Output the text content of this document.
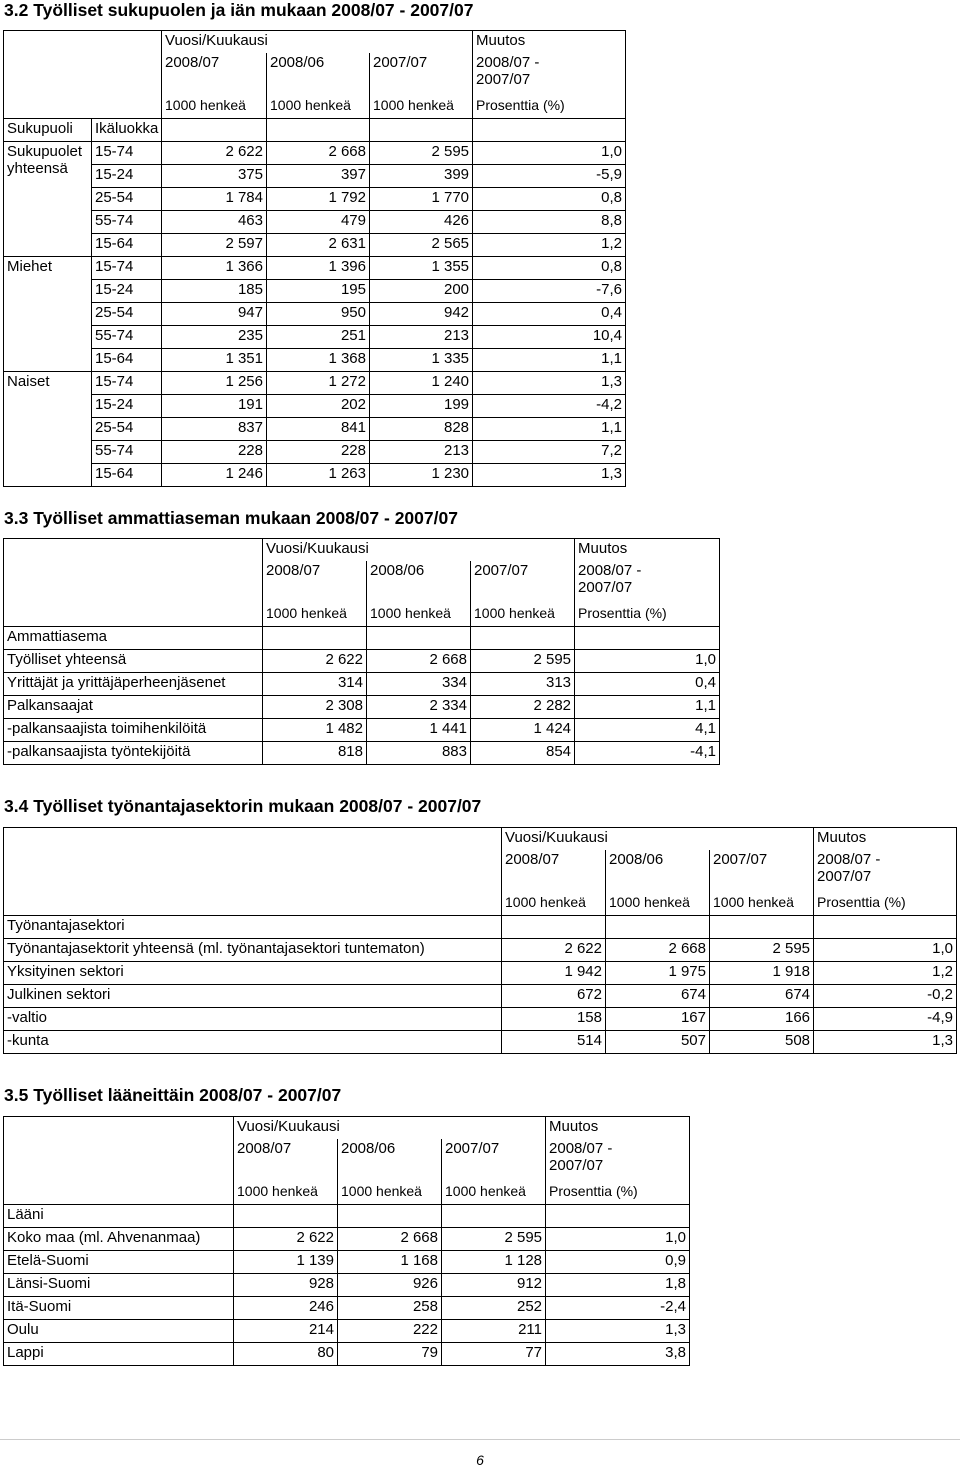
3.2 Työlliset sukupuolen ja iän mukaan 2008/07 - 2007/07
		Vuosi/Kuukausi			Muutos
		2008/07	2008/06	2007/07	2008/07 -
2007/07
		1000 henkeä	1000 henkeä	1000 henkeä	Prosenttia (%)
Sukupuoli	Ikäluokka				
Sukupuolet
yhteensä	15-74	2 622	2 668	2 595	1,0
	15-24	375	397	399	-5,9
	25-54	1 784	1 792	1 770	0,8
	55-74	463	479	426	8,8
	15-64	2 597	2 631	2 565	1,2
Miehet	15-74	1 366	1 396	1 355	0,8
	15-24	185	195	200	-7,6
	25-54	947	950	942	0,4
	55-74	235	251	213	10,4
	15-64	1 351	1 368	1 335	1,1
Naiset	15-74	1 256	1 272	1 240	1,3
	15-24	191	202	199	-4,2
	25-54	837	841	828	1,1
	55-74	228	228	213	7,2
	15-64	1 246	1 263	1 230	1,3
3.3 Työlliset ammattiaseman mukaan 2008/07 - 2007/07
	Vuosi/Kuukausi			Muutos
	2008/07	2008/06	2007/07	2008/07 -
2007/07
	1000 henkeä	1000 henkeä	1000 henkeä	Prosenttia (%)
Ammattiasema				
Työlliset yhteensä	2 622	2 668	2 595	1,0
Yrittäjät ja yrittäjäperheenjäsenet	314	334	313	0,4
Palkansaajat	2 308	2 334	2 282	1,1
-palkansaajista toimihenkilöitä	1 482	1 441	1 424	4,1
-palkansaajista työntekijöitä	818	883	854	-4,1
3.4 Työlliset työnantajasektorin mukaan 2008/07 - 2007/07
	Vuosi/Kuukausi			Muutos
	2008/07	2008/06	2007/07	2008/07 -
2007/07
	1000 henkeä	1000 henkeä	1000 henkeä	Prosenttia (%)
Työnantajasektori				
Työnantajasektorit yhteensä (ml. työnantajasektori tuntematon)	2 622	2 668	2 595	1,0
Yksityinen sektori	1 942	1 975	1 918	1,2
Julkinen sektori	672	674	674	-0,2
-valtio	158	167	166	-4,9
-kunta	514	507	508	1,3
3.5 Työlliset lääneittäin 2008/07 - 2007/07
	Vuosi/Kuukausi			Muutos
	2008/07	2008/06	2007/07	2008/07 -
2007/07
	1000 henkeä	1000 henkeä	1000 henkeä	Prosenttia (%)
Lääni				
Koko maa (ml. Ahvenanmaa)	2 622	2 668	2 595	1,0
Etelä-Suomi	1 139	1 168	1 128	0,9
Länsi-Suomi	928	926	912	1,8
Itä-Suomi	246	258	252	-2,4
Oulu	214	222	211	1,3
Lappi	80	79	77	3,8
6
